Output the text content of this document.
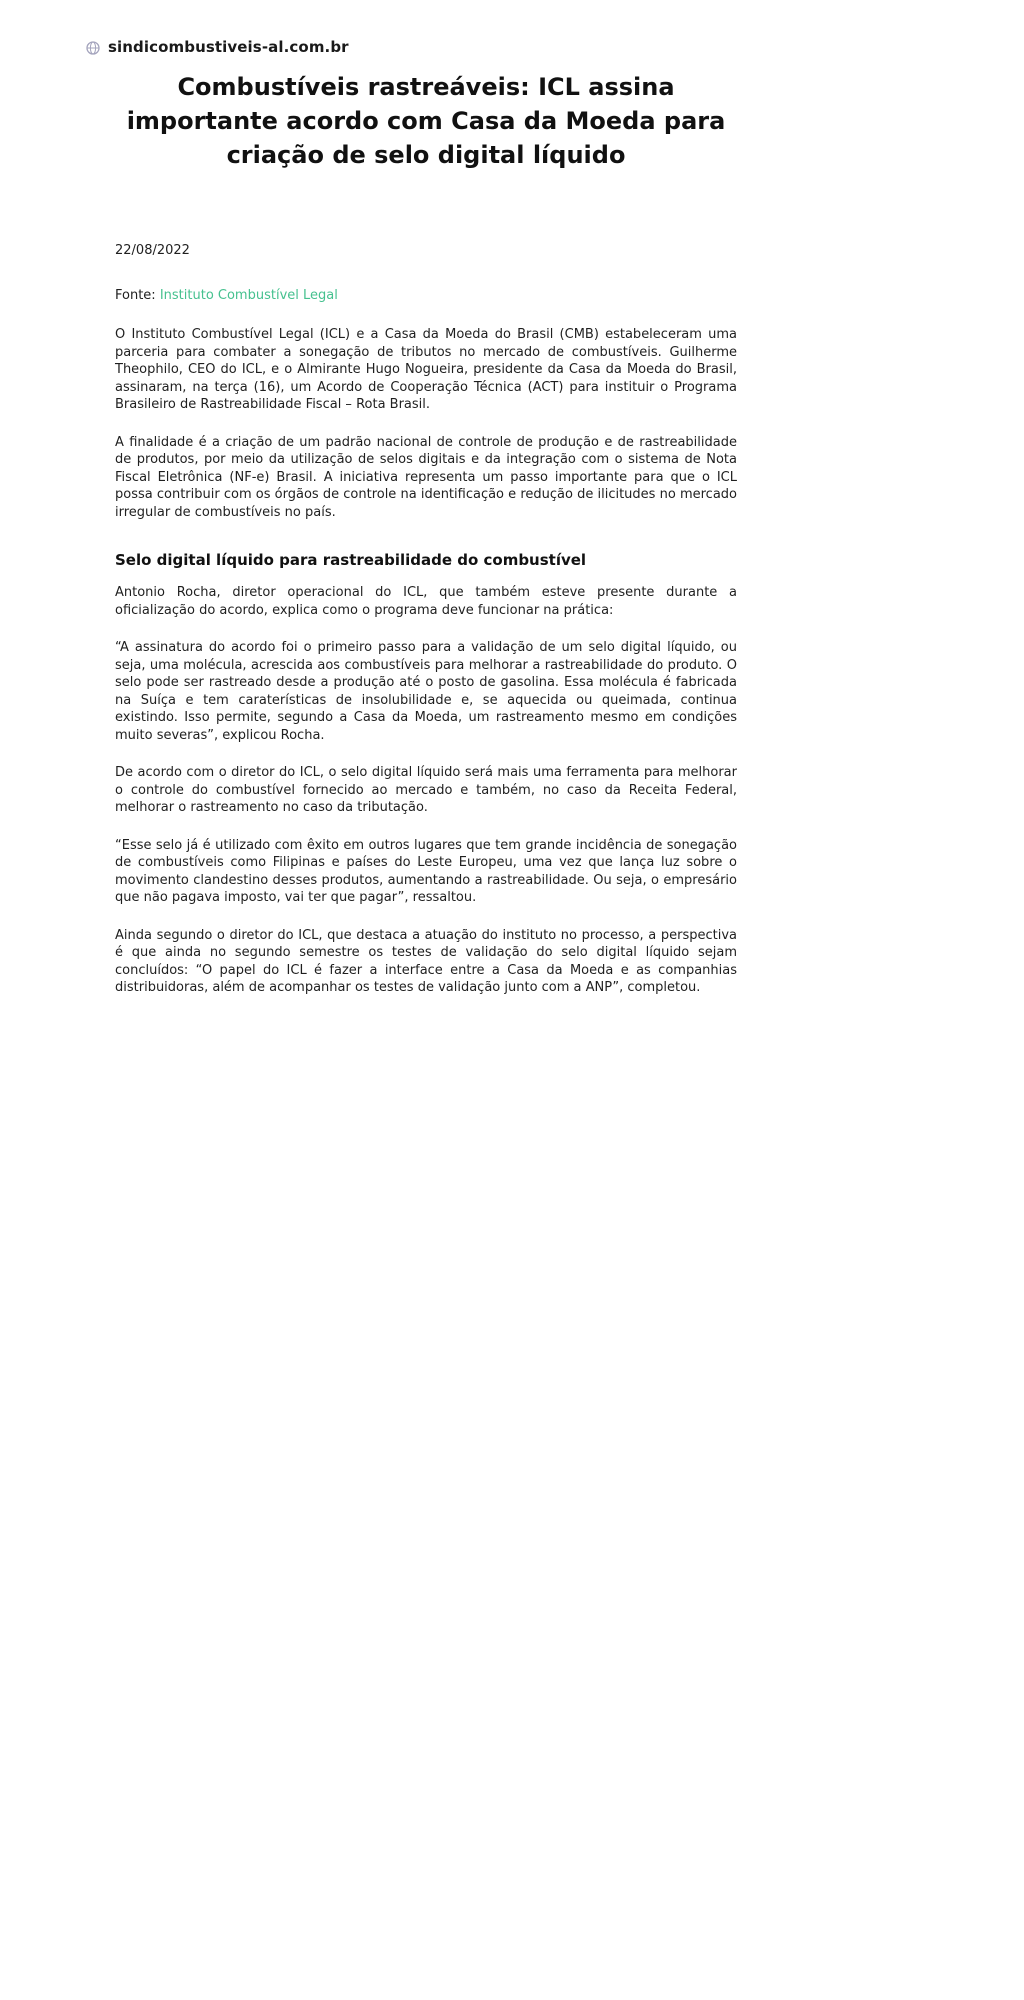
sindicombustiveis-al.com.br
Combustíveis rastreáveis: ICL assina importante acordo com Casa da Moeda para criação de selo digital líquido
22/08/2022
Fonte: Instituto Combustível Legal

O Instituto Combustível Legal (ICL) e a Casa da Moeda do Brasil (CMB) estabeleceram uma parceria para combater a sonegação de tributos no mercado de combustíveis. Guilherme Theophilo, CEO do ICL, e o Almirante Hugo Nogueira, presidente da Casa da Moeda do Brasil, assinaram, na terça (16), um Acordo de Cooperação Técnica (ACT) para instituir o Programa Brasileiro de Rastreabilidade Fiscal – Rota Brasil.

A finalidade é a criação de um padrão nacional de controle de produção e de rastreabilidade de produtos, por meio da utilização de selos digitais e da integração com o sistema de Nota Fiscal Eletrônica (NF-e) Brasil. A iniciativa representa um passo importante para que o ICL possa contribuir com os órgãos de controle na identificação e redução de ilicitudes no mercado irregular de combustíveis no país.

Selo digital líquido para rastreabilidade do combustível

Antonio Rocha, diretor operacional do ICL, que também esteve presente durante a oficialização do acordo, explica como o programa deve funcionar na prática:

“A assinatura do acordo foi o primeiro passo para a validação de um selo digital líquido, ou seja, uma molécula, acrescida aos combustíveis para melhorar a rastreabilidade do produto. O selo pode ser rastreado desde a produção até o posto de gasolina. Essa molécula é fabricada na Suíça e tem caraterísticas de insolubilidade e, se aquecida ou queimada, continua existindo. Isso permite, segundo a Casa da Moeda, um rastreamento mesmo em condições muito severas”, explicou Rocha.

De acordo com o diretor do ICL, o selo digital líquido será mais uma ferramenta para melhorar o controle do combustível fornecido ao mercado e também, no caso da Receita Federal, melhorar o rastreamento no caso da tributação.

“Esse selo já é utilizado com êxito em outros lugares que tem grande incidência de sonegação de combustíveis como Filipinas e países do Leste Europeu, uma vez que lança luz sobre o movimento clandestino desses produtos, aumentando a rastreabilidade. Ou seja, o empresário que não pagava imposto, vai ter que pagar”, ressaltou.

Ainda segundo o diretor do ICL, que destaca a atuação do instituto no processo, a perspectiva é que ainda no segundo semestre os testes de validação do selo digital líquido sejam concluídos: “O papel do ICL é fazer a interface entre a Casa da Moeda e as companhias distribuidoras, além de acompanhar os testes de validação junto com a ANP”, completou.
